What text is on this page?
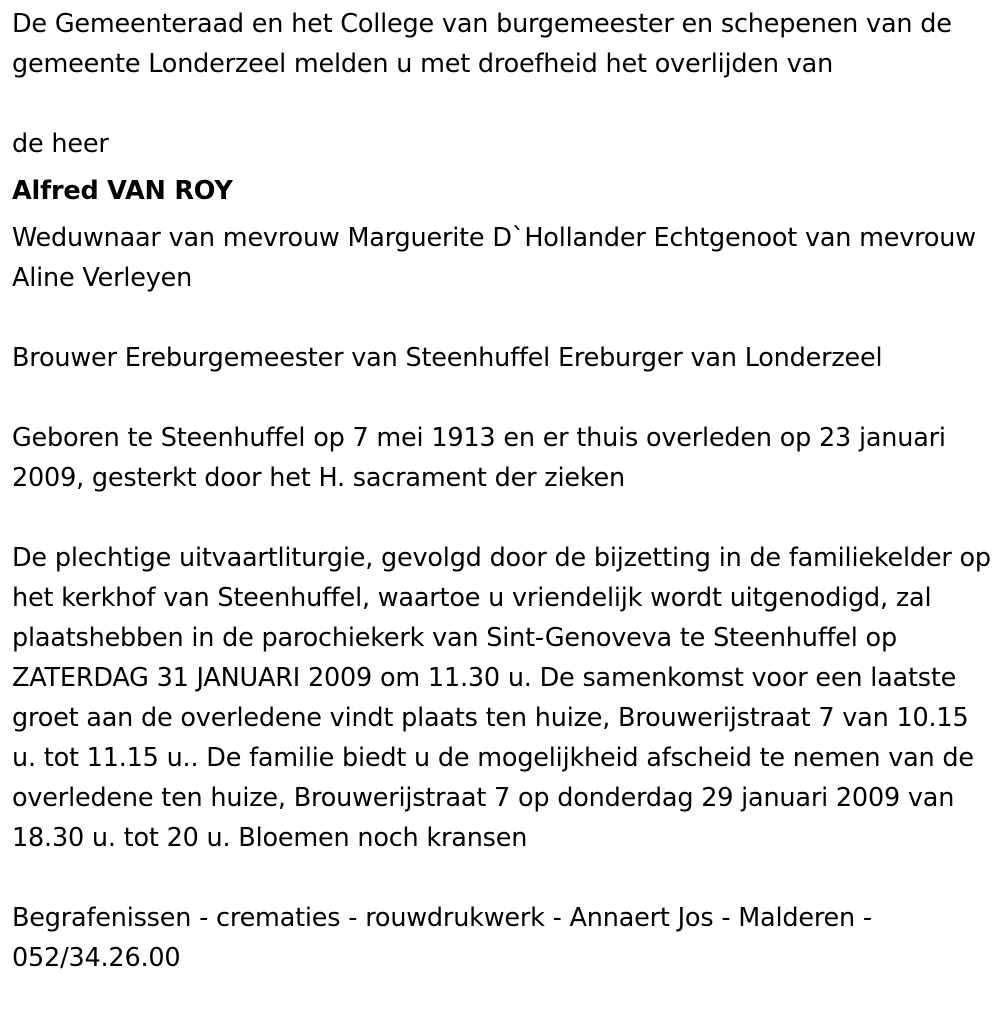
De Gemeenteraad en het College van burgemeester en schepenen van de gemeente Londerzeel melden u met droefheid het overlijden van

de heer

Alfred VAN ROY

Weduwnaar van mevrouw Marguerite D`Hollander Echtgenoot van mevrouw Aline Verleyen

Brouwer Ereburgemeester van Steenhuffel Ereburger van Londerzeel

Geboren te Steenhuffel op 7 mei 1913 en er thuis overleden op 23 januari 2009, gesterkt door het H. sacrament der zieken

De plechtige uitvaartliturgie, gevolgd door de bijzetting in de familiekelder op het kerkhof van Steenhuffel, waartoe u vriendelijk wordt uitgenodigd, zal plaatshebben in de parochiekerk van Sint-Genoveva te Steenhuffel op ZATERDAG 31 JANUARI 2009 om 11.30 u. De samenkomst voor een laatste groet aan de overledene vindt plaats ten huize, Brouwerijstraat 7 van 10.15 u. tot 11.15 u.. De familie biedt u de mogelijkheid afscheid te nemen van de overledene ten huize, Brouwerijstraat 7 op donderdag 29 januari 2009 van 18.30 u. tot 20 u. Bloemen noch kransen

Begrafenissen - crematies - rouwdrukwerk - Annaert Jos - Malderen - 052/34.26.00
